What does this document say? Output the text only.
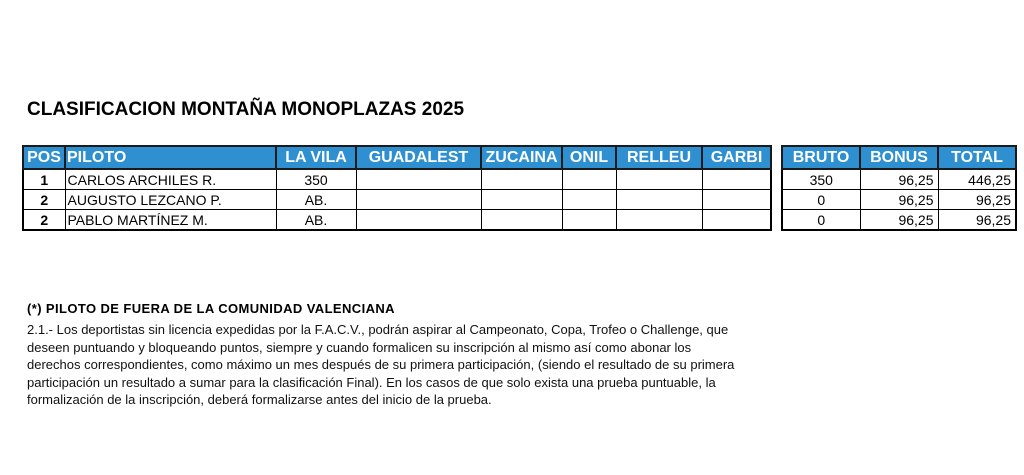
CLASIFICACION MONTAÑA MONOPLAZAS 2025
POS	PILOTO	LA VILA	GUADALEST	ZUCAINA	ONIL	RELLEU	GARBI
1	CARLOS ARCHILES R.	350					
2	AUGUSTO LEZCANO P.	AB.					
2	PABLO MARTÍNEZ M.	AB.					
BRUTO	BONUS	TOTAL
350	96,25	446,25
0	96,25	96,25
0	96,25	96,25
(*) PILOTO DE FUERA DE LA COMUNIDAD VALENCIANA
2.1.- Los deportistas sin licencia expedidas por la F.A.C.V., podrán aspirar al Campeonato, Copa, Trofeo o Challenge, que
deseen puntuando y bloqueando puntos, siempre y cuando formalicen su inscripción al mismo así como abonar los
derechos correspondientes, como máximo un mes después de su primera participación, (siendo el resultado de su primera
participación un resultado a sumar para la clasificación Final). En los casos de que solo exista una prueba puntuable, la
formalización de la inscripción, deberá formalizarse antes del inicio de la prueba.
